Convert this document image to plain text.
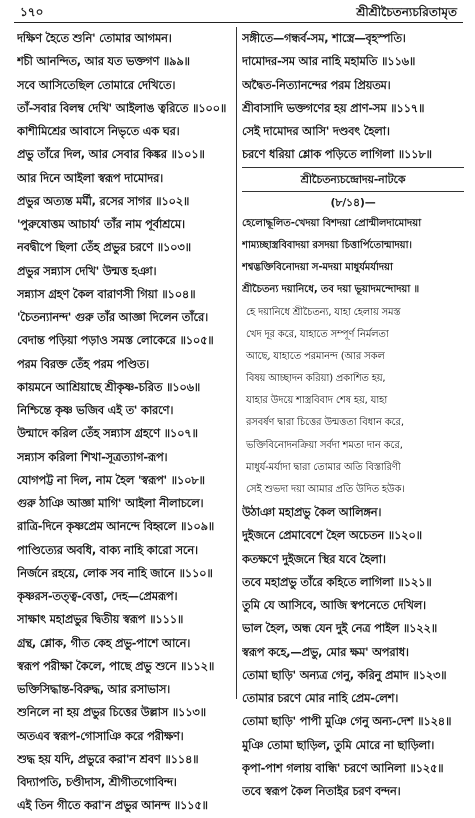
১৭০	শ্রীশ্রীচৈতন্যচরিতামৃত
দক্ষিণ হৈতে শুনি' তোমার আগমন।
শচী আনন্দিত, আর যত ভক্তগণ ॥৯৯॥
সবে আসিতেছিল তোমারে দেখিতে।
তাঁ-সবার বিলম্ব দেখি' আইলাঙ ত্বরিতে ॥১০০॥
কাশীমিশ্রের আবাসে নিভৃতে এক ঘর।
প্রভু তাঁরে দিল, আর সেবার কিঙ্কর ॥১০১॥
আর দিনে আইলা স্বরূপ দামোদর।
প্রভুর অত্যন্ত মর্মী, রসের সাগর ॥১০২॥
'পুরুষোত্তম আচার্য' তাঁর নাম পূর্বাশ্রমে।
নবদ্বীপে ছিলা তেঁহ প্রভুর চরণে ॥১০৩॥
প্রভুর সন্ন্যাস দেখি' উন্মত্ত হঞা।
সন্ন্যাস গ্রহণ কৈল বারাণসী গিয়া ॥১০৪॥
'চৈতন্যানন্দ' গুরু তাঁর আজ্ঞা দিলেন তাঁরে।
বেদান্ত পড়িয়া পড়াও সমস্ত লোকেরে ॥১০৫॥
পরম বিরক্ত তেঁহ পরম পণ্ডিত।
কায়মনে আশ্রিয়াছে শ্রীকৃষ্ণ-চরিত ॥১০৬॥
নিশ্চিন্তে কৃষ্ণ ভজিব এই ত' কারণে।
উন্মাদে করিল তেঁহ সন্ন্যাস গ্রহণে ॥১০৭॥
সন্ন্যাস করিলা শিখা-সূত্রত্যাগ-রূপ।
যোগপট্ট না দিল, নাম হৈল 'স্বরূপ' ॥১০৮॥
গুরু ঠাঞি আজ্ঞা মাগি' আইলা নীলাচলে।
রাত্রি-দিনে কৃষ্ণপ্রেম আনন্দে বিহ্বলে ॥১০৯॥
পাণ্ডিত্যের অবধি, বাক্য নাহি কারো সনে।
নির্জনে রহয়ে, লোক সব নাহি জানে ॥১১০॥
কৃষ্ণরস-তত্ত্ব-বেত্তা, দেহ—প্রেমরূপ।
সাক্ষাৎ মহাপ্রভুর দ্বিতীয় স্বরূপ ॥১১১॥
গ্রন্থ, শ্লোক, গীত কেহ প্রভু-পাশে আনে।
স্বরূপ পরীক্ষা কৈলে, পাছে প্রভু শুনে ॥১১২॥
ভক্তিসিদ্ধান্ত-বিরুদ্ধ, আর রসাভাস।
শুনিলে না হয় প্রভুর চিত্তের উল্লাস ॥১১৩॥
অতএব স্বরূপ-গোসাঞি করে পরীক্ষণ।
শুদ্ধ হয় যদি, প্রভুরে করা'ন শ্রবণ ॥১১৪॥
বিদ্যাপতি, চণ্ডীদাস, শ্রীগীতগোবিন্দ।
এই তিন গীতে করা'ন প্রভুর আনন্দ ॥১১৫॥
সঙ্গীতে—গন্ধর্ব-সম, শাস্ত্রে—বৃহস্পতি।
দামোদর-সম আর নাহি মহামতি ॥১১৬॥
অদ্বৈত-নিত্যানন্দের পরম প্রিয়তম।
শ্রীবাসাদি ভক্তগণের হয় প্রাণ-সম ॥১১৭॥
সেই দামোদর আসি' দণ্ডবৎ হৈলা।
চরণে ধরিয়া শ্লোক পড়িতে লাগিলা ॥১১৮॥
শ্রীচৈতন্যচন্দ্রোদয়-নাটকে
(৮/১৪)—
হেলোদ্ধূলিত-খেদয়া বিশদয়া প্রোন্মীলদামোদয়া
শাম্যচ্ছাস্ত্রবিবাদয়া রসদয়া চিত্তার্পিতোন্মাদয়া।
শশ্বদ্ভক্তিবিনোদয়া স-মদয়া মাধুর্যমর্যাদয়া
শ্রীচৈতন্য দয়ানিধে, তব দয়া ভূয়াদমন্দোদয়া ॥
হে দয়ানিধে শ্রীচৈতন্য, যাহা হেলায় সমস্ত
খেদ দূর করে, যাহাতে সম্পূর্ণ নির্মলতা
আছে, যাহাতে পরমানন্দ (আর সকল
বিষয় আচ্ছাদন করিয়া) প্রকাশিত হয়,
যাহার উদয়ে শাস্ত্রবিবাদ শেষ হয়, যাহা
রসবর্ষণ দ্বারা চিত্তের উন্মত্ততা বিধান করে,
ভক্তিবিনোদনক্রিয়া সর্বদা শমতা দান করে,
মাধুর্য-মর্যাদা দ্বারা তোমার অতি বিস্তারিণী
সেই শুভদা দয়া আমার প্রতি উদিত হউক।
উঠাঞা মহাপ্রভু কৈল আলিঙ্গন।
দুইজনে প্রেমাবেশে হৈল অচেতন ॥১২০॥
কতক্ষণে দুইজনে স্থির যবে হৈলা।
তবে মহাপ্রভু তাঁরে কহিতে লাগিলা ॥১২১॥
তুমি যে আসিবে, আজি স্বপনেতে দেখিল।
ভাল হৈল, অন্ধ যেন দুই নেত্র পাইল ॥১২২॥
স্বরূপ কহে,—প্রভু, মোর ক্ষম' অপরাধ।
তোমা ছাড়ি' অন্যত্র গেনু, করিনু প্রমাদ ॥১২৩॥
তোমার চরণে মোর নাহি প্রেম-লেশ।
তোমা ছাড়ি' পাপী মুঞি গেনু অন্য-দেশ ॥১২৪॥
মুঞি তোমা ছাড়িল, তুমি মোরে না ছাড়িলা।
কৃপা-পাশ গলায় বান্ধি' চরণে আনিলা ॥১২৫॥
তবে স্বরূপ কৈল নিতাইর চরণ বন্দন।
